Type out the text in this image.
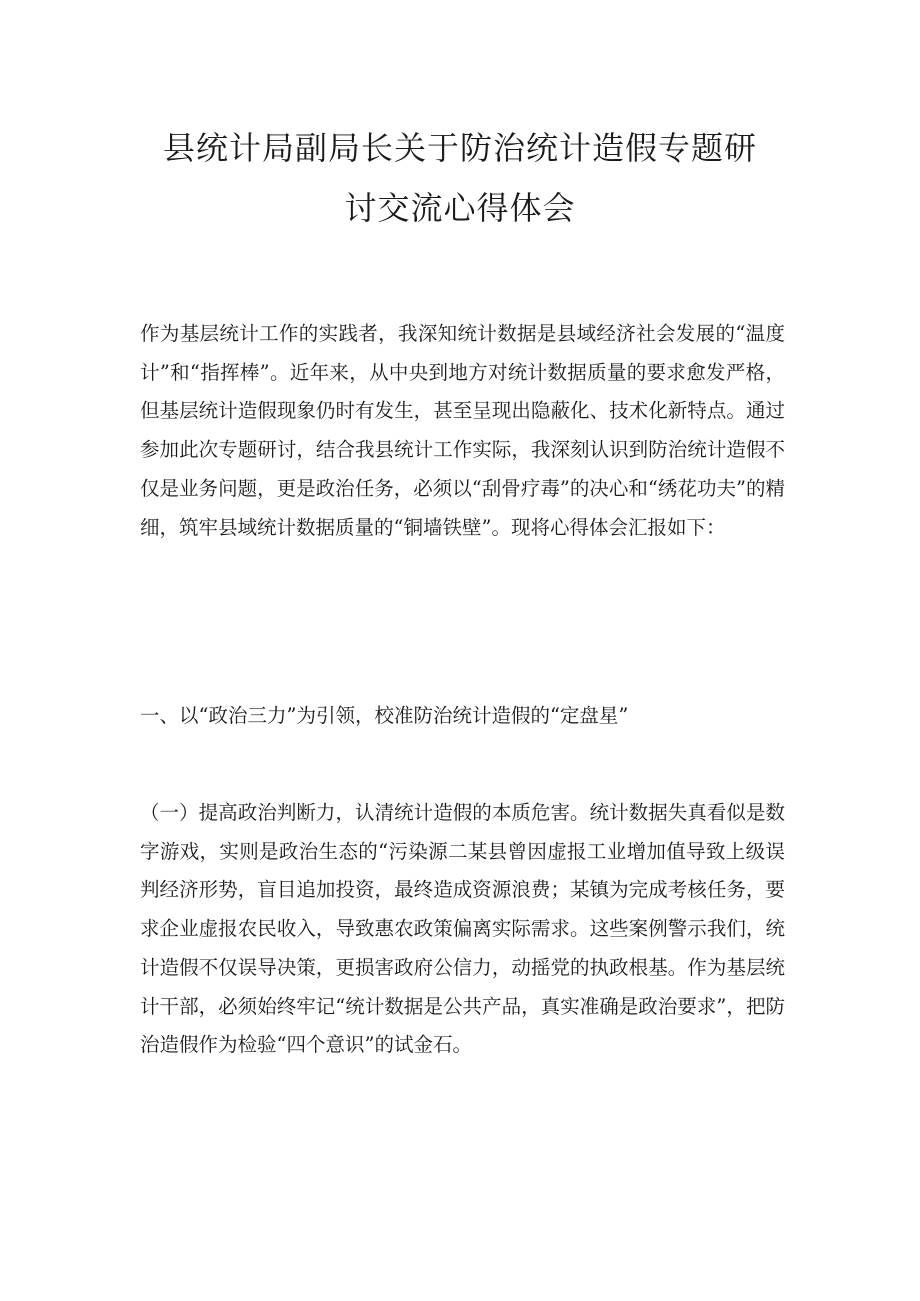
县统计局副局长关于防治统计造假专题研
讨交流心得体会

作为基层统计工作的实践者，我深知统计数据是县域经济社会发展的“温度计”和“指挥棒”。近年来，从中央到地方对统计数据质量的要求愈发严格，但基层统计造假现象仍时有发生，甚至呈现出隐蔽化、技术化新特点。通过参加此次专题研讨，结合我县统计工作实际，我深刻认识到防治统计造假不仅是业务问题，更是政治任务，必须以“刮骨疗毒”的决心和“绣花功夫”的精细，筑牢县域统计数据质量的“铜墙铁壁”。现将心得体会汇报如下：

一、以“政治三力”为引领，校准防治统计造假的“定盘星”

（一）提高政治判断力，认清统计造假的本质危害。统计数据失真看似是数字游戏，实则是政治生态的“污染源二某县曾因虚报工业增加值导致上级误判经济形势，盲目追加投资，最终造成资源浪费；某镇为完成考核任务，要求企业虚报农民收入，导致惠农政策偏离实际需求。这些案例警示我们，统计造假不仅误导决策，更损害政府公信力，动摇党的执政根基。作为基层统计干部，必须始终牢记“统计数据是公共产品，真实准确是政治要求”，把防治造假作为检验“四个意识”的试金石。
